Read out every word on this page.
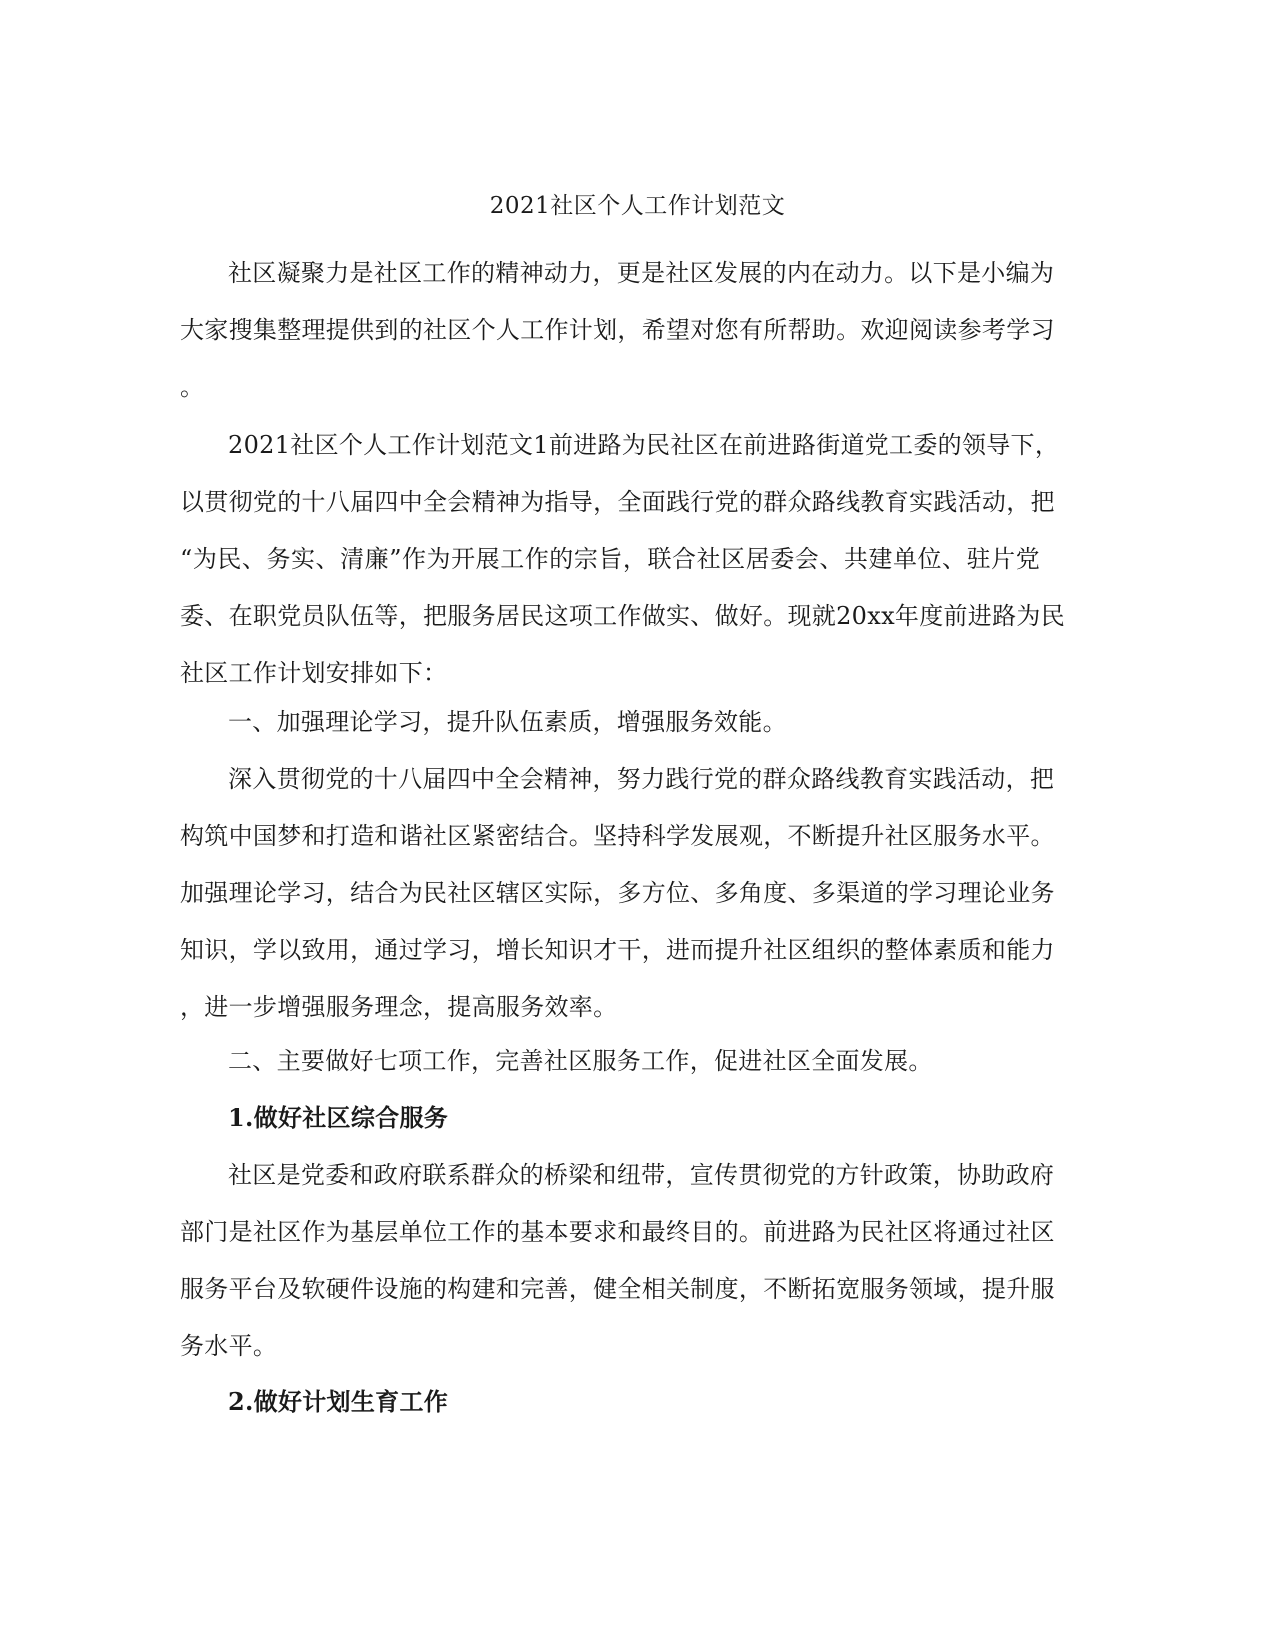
2021社区个人工作计划范文
社区凝聚力是社区工作的精神动力，更是社区发展的内在动力。以下是小编为
大家搜集整理提供到的社区个人工作计划，希望对您有所帮助。欢迎阅读参考学习
。
2021社区个人工作计划范文1前进路为民社区在前进路街道党工委的领导下，
以贯彻党的十八届四中全会精神为指导，全面践行党的群众路线教育实践活动，把
“为民、务实、清廉”作为开展工作的宗旨，联合社区居委会、共建单位、驻片党
委、在职党员队伍等，把服务居民这项工作做实、做好。现就20xx年度前进路为民
社区工作计划安排如下：
一、加强理论学习，提升队伍素质，增强服务效能。
深入贯彻党的十八届四中全会精神，努力践行党的群众路线教育实践活动，把
构筑中国梦和打造和谐社区紧密结合。坚持科学发展观，不断提升社区服务水平。
加强理论学习，结合为民社区辖区实际，多方位、多角度、多渠道的学习理论业务
知识，学以致用，通过学习，增长知识才干，进而提升社区组织的整体素质和能力
，进一步增强服务理念，提高服务效率。
二、主要做好七项工作，完善社区服务工作，促进社区全面发展。
1.做好社区综合服务
社区是党委和政府联系群众的桥梁和纽带，宣传贯彻党的方针政策，协助政府
部门是社区作为基层单位工作的基本要求和最终目的。前进路为民社区将通过社区
服务平台及软硬件设施的构建和完善，健全相关制度，不断拓宽服务领域，提升服
务水平。
2.做好计划生育工作
